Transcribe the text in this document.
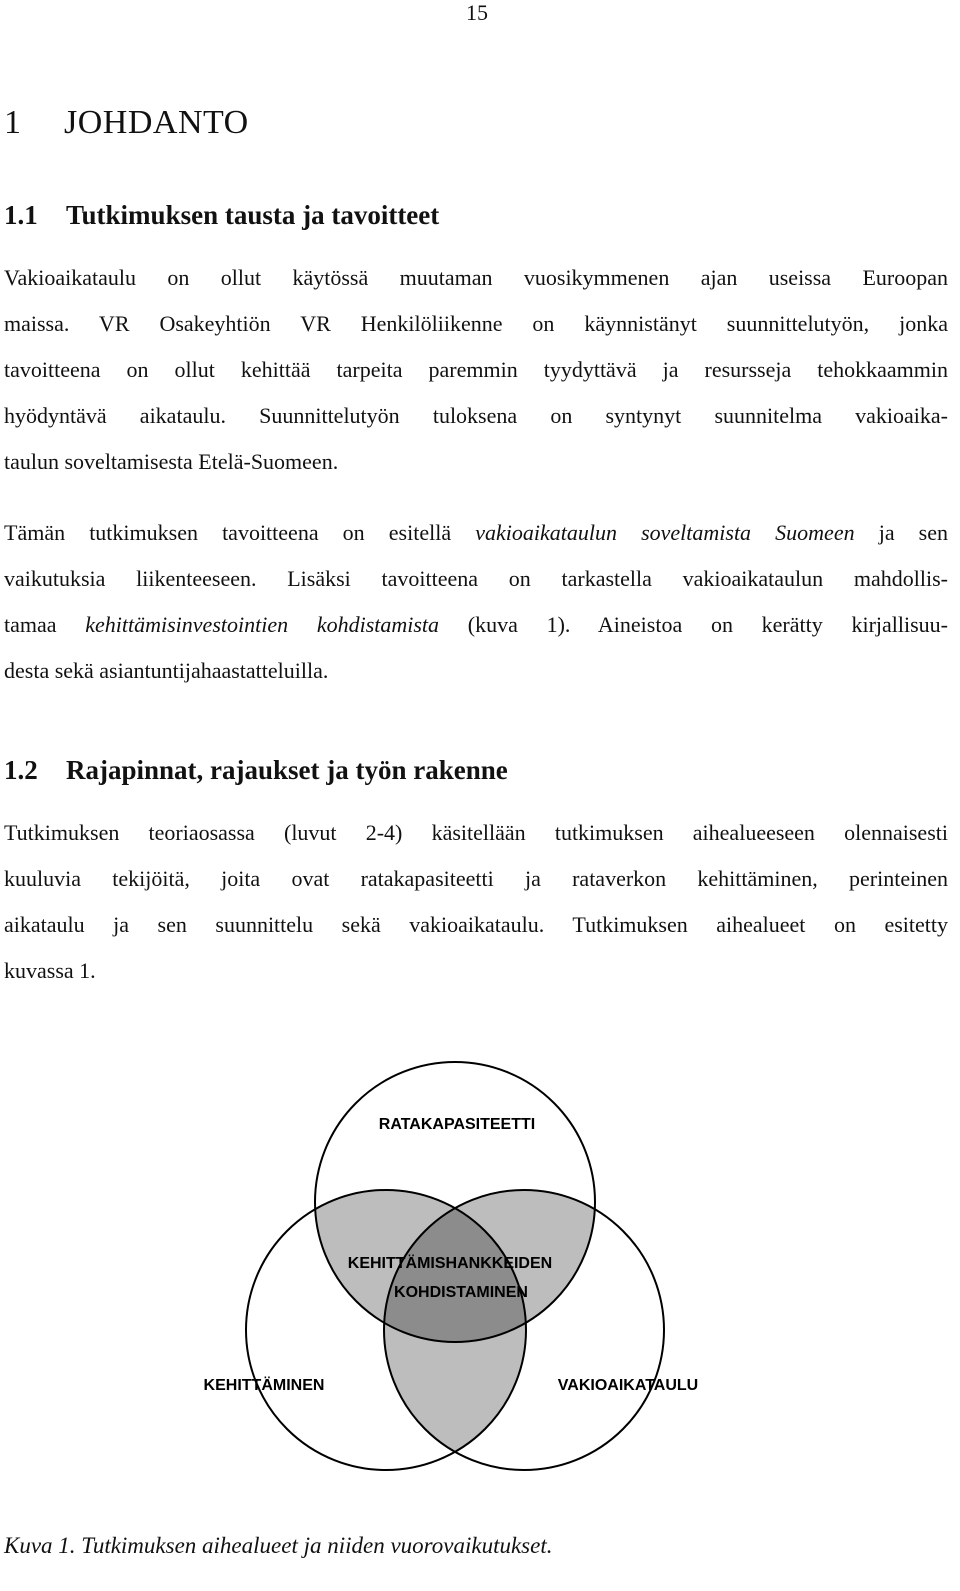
15
1 JOHDANTO
1.1 Tutkimuksen tausta ja tavoitteet
Vakioaikataulu on ollut käytössä muutaman vuosikymmenen ajan useissa Euroopan
maissa. VR Osakeyhtiön VR Henkilöliikenne on käynnistänyt suunnittelutyön, jonka
tavoitteena on ollut kehittää tarpeita paremmin tyydyttävä ja resursseja tehokkaammin
hyödyntävä aikataulu. Suunnittelutyön tuloksena on syntynyt suunnitelma vakioaika-
taulun soveltamisesta Etelä-Suomeen.
Tämän tutkimuksen tavoitteena on esitellä vakioaikataulun soveltamista Suomeen ja sen
vaikutuksia liikenteeseen. Lisäksi tavoitteena on tarkastella vakioaikataulun mahdollis-
tamaa kehittämisinvestointien kohdistamista (kuva 1). Aineistoa on kerätty kirjallisuu-
desta sekä asiantuntijahaastatteluilla.
1.2 Rajapinnat, rajaukset ja työn rakenne
Tutkimuksen teoriaosassa (luvut 2-4) käsitellään tutkimuksen aihealueeseen olennaisesti
kuuluvia tekijöitä, joita ovat ratakapasiteetti ja rataverkon kehittäminen, perinteinen
aikataulu ja sen suunnittelu sekä vakioaikataulu. Tutkimuksen aihealueet on esitetty
kuvassa 1.
RATAKAPASITEETTI
KEHITTÄMISHANKKEIDEN
KOHDISTAMINEN
KEHITTÄMINEN	VAKIOAIKATAULU
Kuva 1. Tutkimuksen aihealueet ja niiden vuorovaikutukset.
